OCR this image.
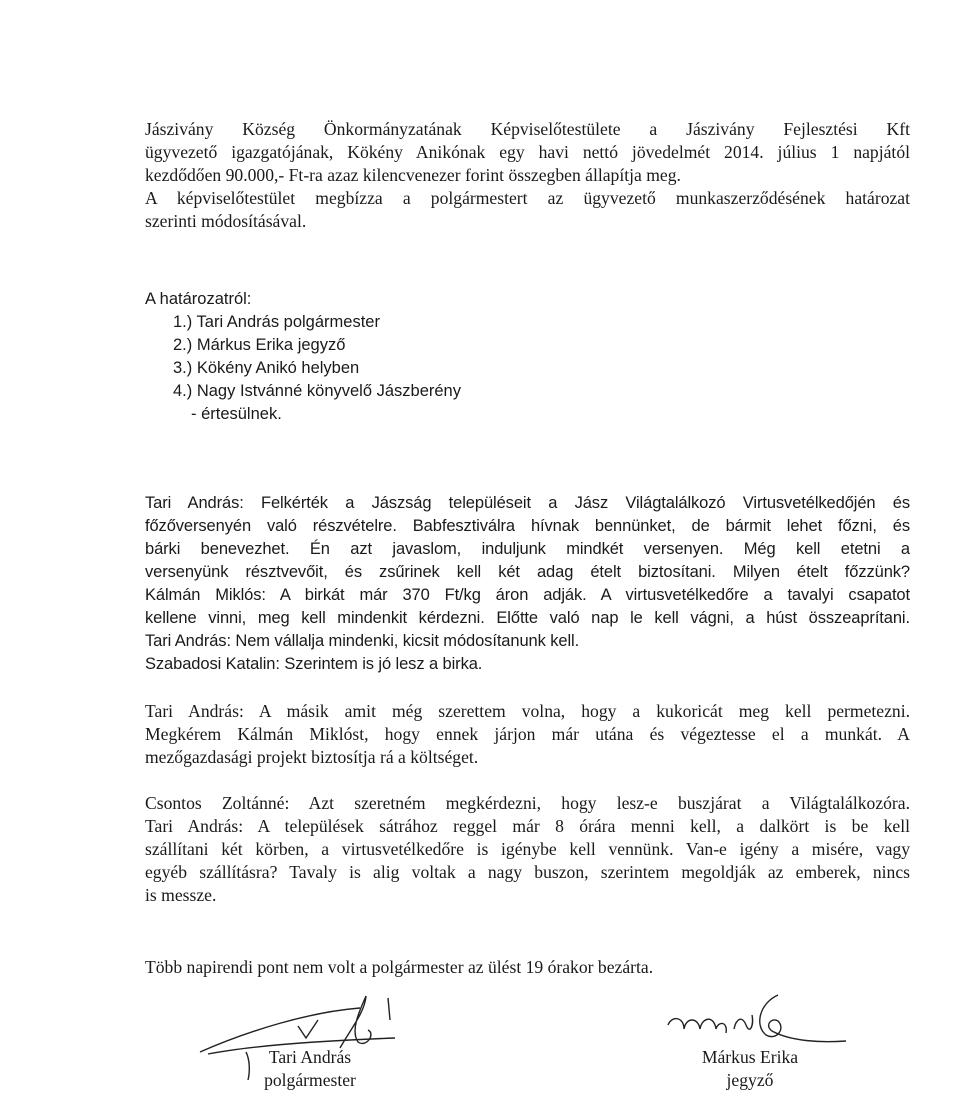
Jászivány Község Önkormányzatának Képviselőtestülete a Jászivány Fejlesztési Kft
ügyvezető igazgatójának, Kökény Anikónak egy havi nettó jövedelmét 2014. július 1 napjától
kezdődően 90.000,- Ft-ra azaz kilencvenezer forint összegben állapítja meg.
A képviselőtestület megbízza a polgármestert az ügyvezető munkaszerződésének határozat
szerinti módosításával.
A határozatról:
1.) Tari András polgármester
2.) Márkus Erika jegyző
3.) Kökény Anikó helyben
4.) Nagy Istvánné könyvelő Jászberény
- értesülnek.
Tari András: Felkérték a Jászság településeit a Jász Világtalálkozó Virtusvetélkedőjén és
főzőversenyén való részvételre. Babfesztiválra hívnak bennünket, de bármit lehet főzni, és
bárki benevezhet. Én azt javaslom, induljunk mindkét versenyen. Még kell etetni a
versenyünk résztvevőit, és zsűrinek kell két adag ételt biztosítani. Milyen ételt főzzünk?
Kálmán Miklós: A birkát már 370 Ft/kg áron adják. A virtusvetélkedőre a tavalyi csapatot
kellene vinni, meg kell mindenkit kérdezni. Előtte való nap le kell vágni, a húst összeaprítani.
Tari András: Nem vállalja mindenki, kicsit módosítanunk kell.
Szabadosi Katalin: Szerintem is jó lesz a birka.
Tari András: A másik amit még szerettem volna, hogy a kukoricát meg kell permetezni.
Megkérem Kálmán Miklóst, hogy ennek járjon már utána és végeztesse el a munkát. A
mezőgazdasági projekt biztosítja rá a költséget.
Csontos Zoltánné: Azt szeretném megkérdezni, hogy lesz-e buszjárat a Világtalálkozóra.
Tari András: A települések sátrához reggel már 8 órára menni kell, a dalkört is be kell
szállítani két körben, a virtusvetélkedőre is igénybe kell vennünk. Van-e igény a misére, vagy
egyéb szállításra? Tavaly is alig voltak a nagy buszon, szerintem megoldják az emberek, nincs
is messze.
Több napirendi pont nem volt a polgármester az ülést 19 órakor bezárta.
Tari András
polgármester
Márkus Erika
jegyző
